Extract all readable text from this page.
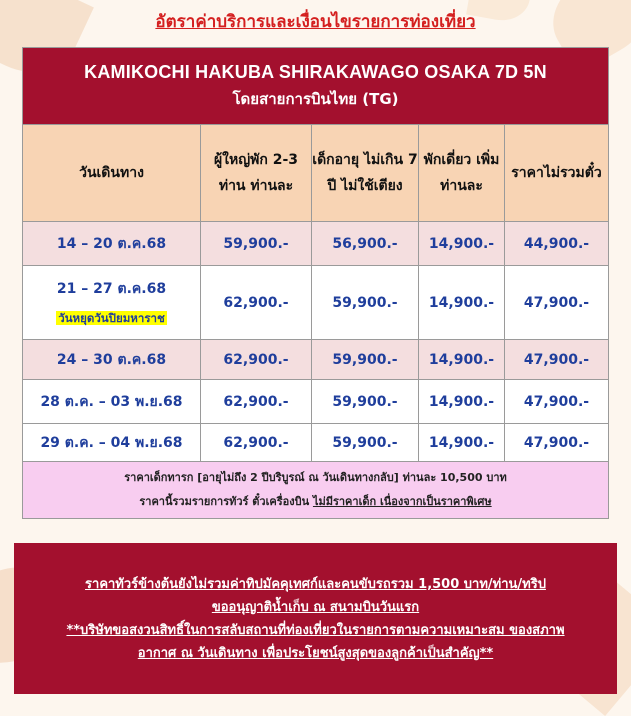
อัตราค่าบริการและเงื่อนไขรายการท่องเที่ยว
KAMIKOCHI HAKUBA SHIRAKAWAGO OSAKA 7D 5N
โดยสายการบินไทย (TG)				

วันเดินทาง	ผู้ใหญ่พัก 2-3 ท่าน ท่านละ	เด็กอายุ ไม่เกิน 7 ปี ไม่ใช้เตียง	พักเดี่ยว เพิ่มท่านละ	ราคาไม่รวมตั๋ว
14 – 20 ต.ค.68	59,900.-	56,900.-	14,900.-	44,900.-

21 – 27 ต.ค.68
วันหยุดวันปิยมหาราช	62,900.-	59,900.-	14,900.-	47,900.-
24 – 30 ต.ค.68	62,900.-	59,900.-	14,900.-	47,900.-
28 ต.ค. – 03 พ.ย.68	62,900.-	59,900.-	14,900.-	47,900.-
29 ต.ค. – 04 พ.ย.68	62,900.-	59,900.-	14,900.-	47,900.-

ราคาเด็กทารก [อายุไม่ถึง 2 ปีบริบูรณ์ ณ วันเดินทางกลับ] ท่านละ 10,500 บาท
ราคานี้รวมรายการทัวร์ ตั๋วเครื่องบิน ไม่มีราคาเด็ก เนื่องจากเป็นราคาพิเศษ				
ราคาทัวร์ข้างต้นยังไม่รวมค่าทิปมัคคุเทศก์และคนขับรถรวม 1,500 บาท/ท่าน/ทริป
ขออนุญาติน้ำเก็บ ณ สนามบินวันแรก
**บริษัทขอสงวนสิทธิ์ในการสลับสถานที่ท่องเที่ยวในรายการตามความเหมาะสม ของสภาพ
อากาศ ณ วันเดินทาง เพื่อประโยชน์สูงสุดของลูกค้าเป็นสำคัญ**
